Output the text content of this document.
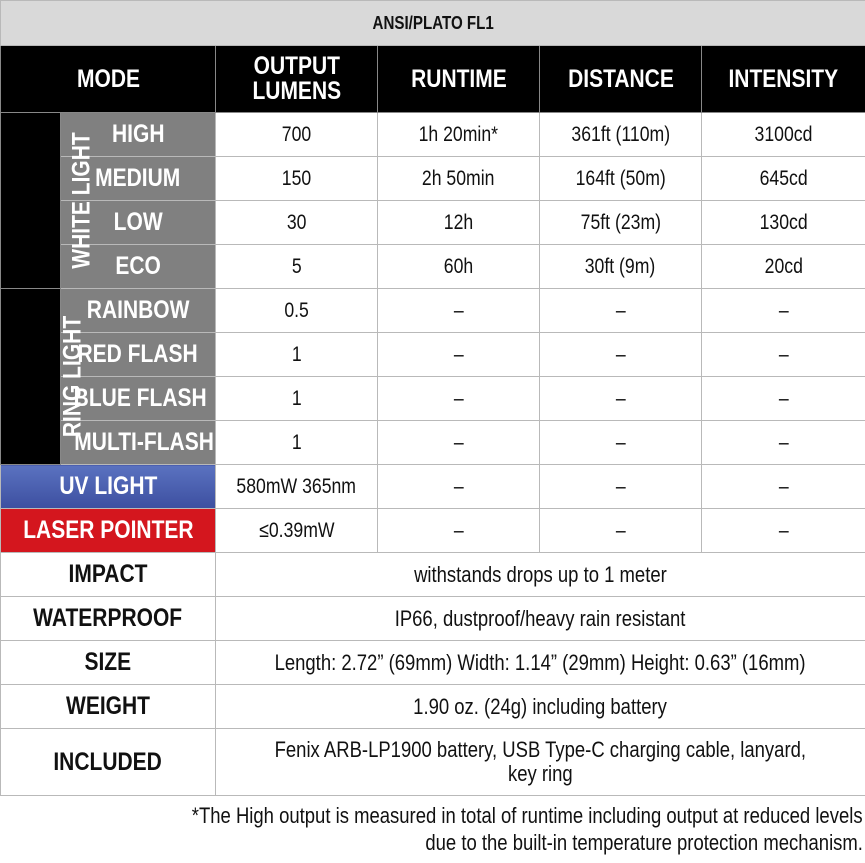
ANSI/PLATO FL1					
MODE		OUTPUT
LUMENS	RUNTIME	DISTANCE	INTENSITY
WHITE LIGHT	HIGH	700	1h 20min*	361ft (110m)	3100cd
	MEDIUM	150	2h 50min	164ft (50m)	645cd
	LOW	30	12h	75ft (23m)	130cd
	ECO	5	60h	30ft (9m)	20cd
RING LIGHT	RAINBOW	0.5	–	–	–
	RED FLASH	1	–	–	–
	BLUE FLASH	1	–	–	–
	MULTI-FLASH	1	–	–	–
UV LIGHT		580mW 365nm	–	–	–
LASER POINTER		≤0.39mW	–	–	–
IMPACT		withstands drops up to 1 meter			
WATERPROOF		IP66, dustproof/heavy rain resistant			
SIZE		Length: 2.72” (69mm) Width: 1.14” (29mm) Height: 0.63” (16mm)			
WEIGHT		1.90 oz. (24g) including battery			
INCLUDED		Fenix ARB-LP1900 battery, USB Type-C charging cable, lanyard,
key ring			
*The High output is measured in total of runtime including output at reduced levels
due to the built-in temperature protection mechanism.
